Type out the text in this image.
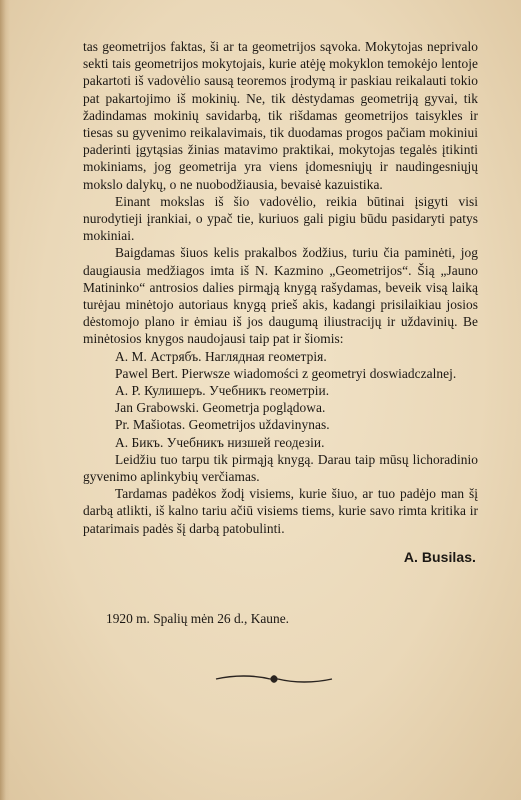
tas geometrijos faktas, ši ar ta geometrijos sąvoka. Mokytojas neprivalo sekti tais geometrijos mokytojais, kurie atėję mokyklon temokėjo lentoje pakartoti iš vadovėlio sausą teoremos įrodymą ir paskiau reikalauti tokio pat pakartojimo iš mokinių. Ne, tik dėstydamas geometriją gyvai, tik žadindamas mokinių savidarbą, tik rišdamas geometrijos taisykles ir tiesas su gyvenimo reikalavimais, tik duodamas progos pačiam mokiniui paderinti įgytąsias žinias matavimo praktikai, mokytojas tegalės įtikinti mokiniams, jog geometrija yra viens įdomesniųjų ir naudingesniųjų mokslo dalykų, o ne nuobodžiausia, bevaisė kazuistika.

Einant mokslas iš šio vadovėlio, reikia būtinai įsigyti visi nurodytieji įrankiai, o ypač tie, kuriuos gali pigiu būdu pasidaryti patys mokiniai.

Baigdamas šiuos kelis prakalbos žodžius, turiu čia paminėti, jog daugiausia medžiagos imta iš N. Kazmino „Geometrijos“. Šią „Jauno Matininko“ antrosios dalies pirmąją knygą rašydamas, beveik visą laiką turėjau minėtojo autoriaus knygą prieš akis, kadangi prisilaikiau josios dėstomojo plano ir ėmiau iš jos daugumą iliustracijų ir uždavinių. Be minėtosios knygos naudojausi taip pat ir šiomis:

А. М. Астрябъ. Наглядная геометрія.
Pawel Bert. Pierwsze wiadomości z geometryi doswiadczalnej.
А. Р. Кулишеръ. Учебникъ геометріи.
Jan Grabowski. Geometrja poglądowa.
Pr. Mašiotas. Geometrijos uždavinynas.
А. Бикъ. Учебникъ низшей геодезіи.

Leidžiu tuo tarpu tik pirmąją knygą. Darau taip mūsų lichoradinio gyvenimo aplinkybių verčiamas.

Tardamas padėkos žodį visiems, kurie šiuo, ar tuo padėjo man šį darbą atlikti, iš kalno tariu ačiū visiems tiems, kurie savo rimta kritika ir patarimais padės šį darbą patobulinti.

A. Busilas.
1920 m. Spalių mėn 26 d., Kaune.
